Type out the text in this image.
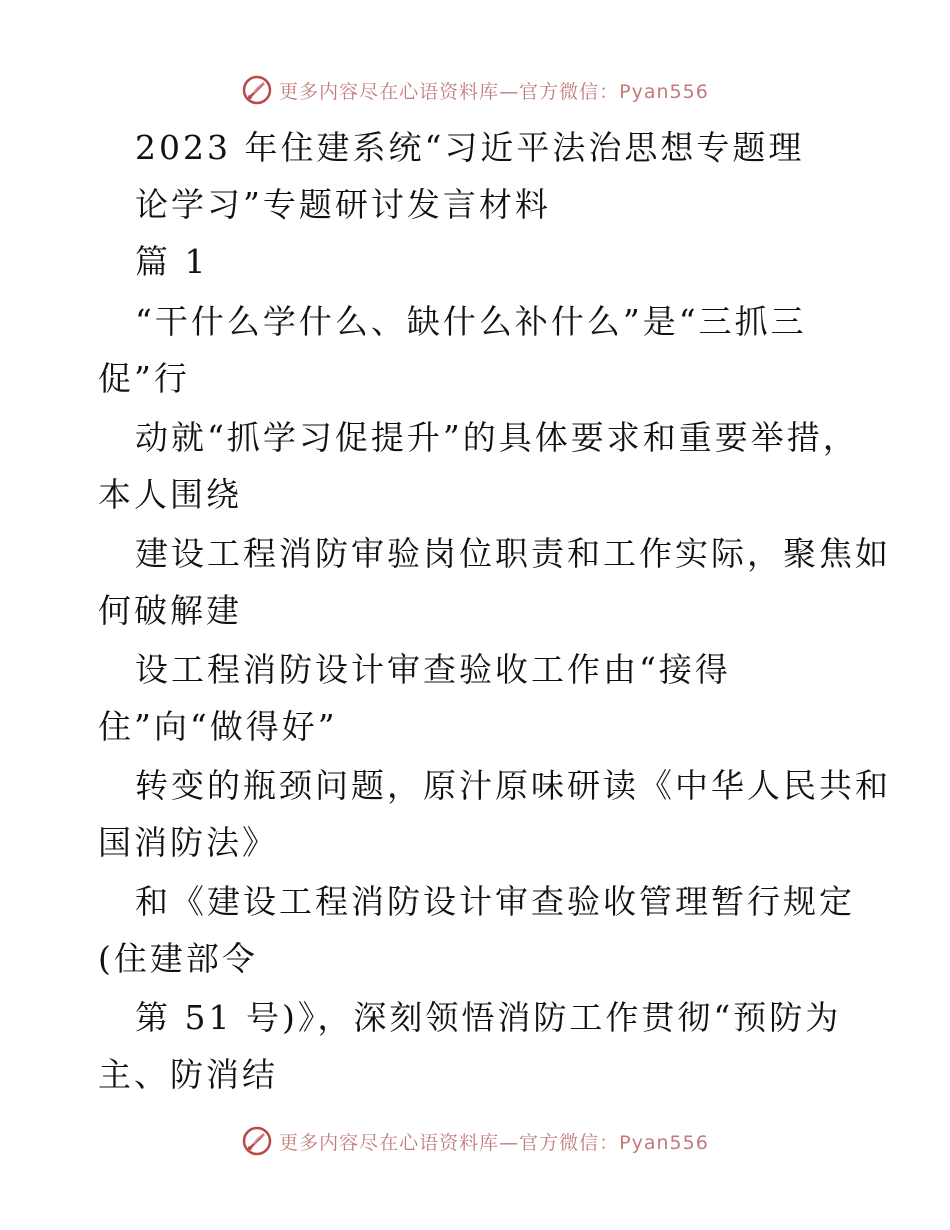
更多内容尽在心语资料库—官方微信：Pyan556
2023 年住建系统“习近平法治思想专题理
论学习”专题研讨发言材料
篇 1
“干什么学什么、缺什么补什么”是“三抓三
促”行
动就“抓学习促提升”的具体要求和重要举措，
本人围绕
建设工程消防审验岗位职责和工作实际，聚焦如
何破解建
设工程消防设计审查验收工作由“接得
住”向“做得好”
转变的瓶颈问题，原汁原味研读《中华人民共和
国消防法》
和《建设工程消防设计审查验收管理暂行规定
(住建部令
第 51 号)》，深刻领悟消防工作贯彻“预防为
主、防消结
更多内容尽在心语资料库—官方微信：Pyan556
